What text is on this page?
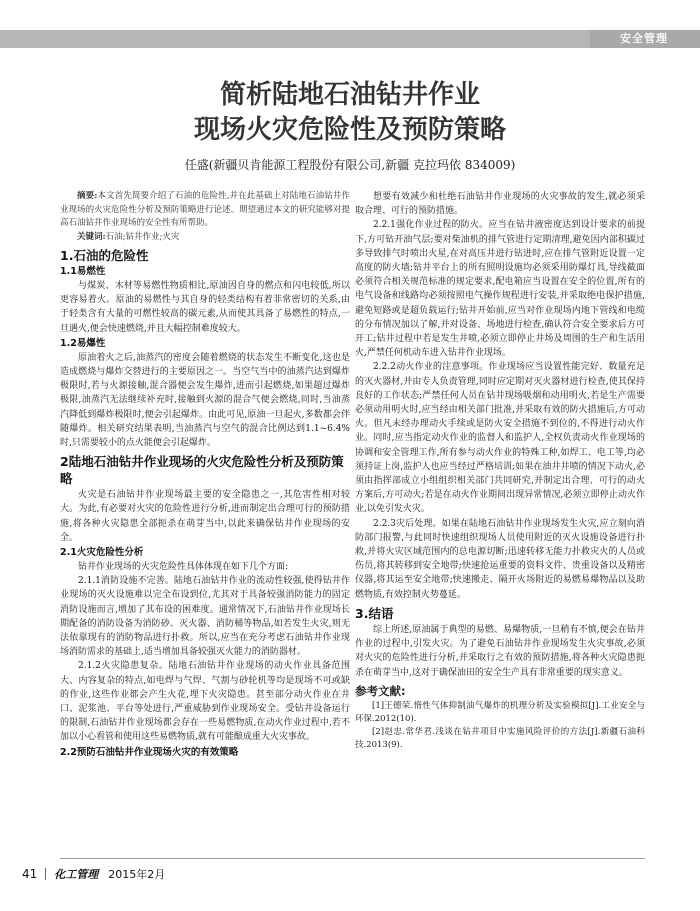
安全管理
简析陆地石油钻井作业
现场火灾危险性及预防策略

任盛(新疆贝肯能源工程股份有限公司,新疆 克拉玛依 834009)

摘要:本文首先简要介绍了石油的危险性,并在此基础上对陆地石油钻井作业现场的火灾危险性分析及预防策略进行论述。期望通过本文的研究能够对提高石油钻井作业现场的安全性有所帮助。

关键词:石油;钻井作业;火灾

1.石油的危险性
1.1易燃性

与煤炭、木材等易燃性物质相比,原油因自身的燃点和闪电较低,所以更容易着火。原油的易燃性与其自身的轻类结构有着非常密切的关系,由于轻类含有大量的可燃性较高的碳元素,从而使其具备了易燃性的特点,一旦遇火,便会快速燃烧,并且大幅控制难度较大。

1.2易爆性

原油着火之后,油蒸汽的密度会随着燃烧的状态发生不断变化,这也是造成燃烧与爆炸交替进行的主要原因之一。当空气当中的油蒸汽达到爆炸极限时,若与火源接触,混合器便会发生爆炸,进而引起燃烧,如果超过爆炸极限,油蒸汽无法继续补充时,接触到火源的混合气便会燃烧,同时,当油蒸汽降低到爆炸极限时,便会引起爆炸。由此可见,原油一旦起火,多数都会伴随爆炸。相关研究结果表明,当油蒸汽与空气的混合比例达到1.1~6.4%时,只需要较小的点火能便会引起爆炸。

2陆地石油钻井作业现场的火灾危险性分析及预防策略

火灾是石油钻井作业现场最主要的安全隐患之一,其危害性相对较大。为此,有必要对火灾的危险性进行分析,进而制定出合理可行的预防措施,将各种火灾隐患全部扼杀在萌芽当中,以此来确保钻井作业现场的安全。

2.1火灾危险性分析

钻井作业现场的火灾危险性具体体现在如下几个方面:

2.1.1消防设施不完善。陆地石油钻井作业的流动性较强,使得钻井作业现场的灭火设施难以完全布设到位,尤其对于具备较强消防能力的固定消防设施而言,增加了其布设的困难度。通常情况下,石油钻井作业现场长期配备的消防设备为消防砂、灭火器、消防桶等物品,如若发生火灾,则无法依靠现有的消防物品进行扑救。所以,应当在充分考虑石油钻井作业现场消防需求的基础上,适当增加具备较强灭火能力的消防器材。

2.1.2火灾隐患复杂。陆地石油钻井作业现场的动火作业具备范围大、内容复杂的特点,如电焊与气焊、气割与砂轮机等均是现场不可或缺的作业,这些作业都会产生火花,埋下火灾隐患。甚至部分动火作业在井口、泥浆池、平台等处进行,严重威胁到作业现场安全。受钻井设备运行的限制,石油钻井作业现场都会存在一些易燃物质,在动火作业过程中,若不加以小心看管和使用这些易燃物质,就有可能酿成重大火灾事故。

2.2预防石油钻井作业现场火灾的有效策略

想要有效减少和杜绝石油钻井作业现场的火灾事故的发生,就必须采取合理、可行的预防措施。

2.2.1强化作业过程的防火。应当在钻井液密度达到设计要求的前提下,方可钻开油气层;要对柴油机的排气管进行定期清理,避免因内部积碳过多导致排气时喷出火星,在对高压井进行钻进时,应在排气管附近设置一定高度的防火墙;钻井平台上的所有照明设施均必须采用防爆灯具,导线截面必须符合相关规范标准的规定要求,配电箱应当设置在安全的位置,所有的电气设备和线路均必须按照电气操作规程进行安装,并采取绝电保护措施,避免短路或是超负载运行;钻井开始前,应当对作业现场内地下管线和电缆的分布情况加以了解,并对设备、场地进行检查,确认符合安全要求后方可开工;钻井过程中若是发生井喷,必须立即停止井场及周围的生产和生活用火,严禁任何机动车进入钻井作业现场。

2.2.2动火作业的注意事项。作业现场应当设置性能完好、数量充足的灭火器材,并由专人负责管理,同时应定期对灭火器材进行检查,使其保持良好的工作状态;严禁任何人员在钻井现场吸烟和动用明火,若是生产需要必须动用明火时,应当经由相关部门批准,并采取有效的防火措施后,方可动火。但凡未经办理动火手续或是防火安全措施不到位的,不得进行动火作业。同时,应当指定动火作业的监督人和监护人,全权负责动火作业现场的协调和安全管理工作,所有参与动火作业的特殊工种,如焊工、电工等,均必须持证上岗,监护人也应当经过严格培训;如果在油井井喷的情况下动火,必须由指挥部成立小组组织相关部门共同研究,并制定出合理、可行的动火方案后,方可动火;若是在动火作业期间出现异常情况,必须立即停止动火作业,以免引发火灾。

2.2.3灾后处理。如果在陆地石油钻井作业现场发生火灾,应立刻向消防部门报警,与此同时快速组织现场人员使用附近的灭火设施设备进行扑救,并将火灾区域范围内的总电源切断;迅速转移无能力扑救灾火的人员或伤员,将其转移到安全地带;快速抢运重要的资料文件、贵重设备以及精密仪器,将其运至安全地带;快速搬走、隔开火场附近的易燃易爆物品以及助燃物质,有效控制火势蔓延。

3.结语

综上所述,原油属于典型的易燃、易爆物质,一旦稍有不慎,便会在钻井作业的过程中,引发火灾。为了避免石油钻井作业现场发生火灾事故,必须对火灾的危险性进行分析,并采取行之有效的预防措施,将各种火灾隐患扼杀在萌芽当中,这对于确保油田的安全生产具有非常重要的现实意义。

参考文献:

[1]王德荣.惰性气体抑制油气爆炸的机理分析及实验模拟[J].工业安全与环保.2012(10).

[2]赵忠.常华君.浅谈在钻井项目中实施风险评价的方法[J].新疆石油科技.2013(9).

41 化工管理 2015年2月
